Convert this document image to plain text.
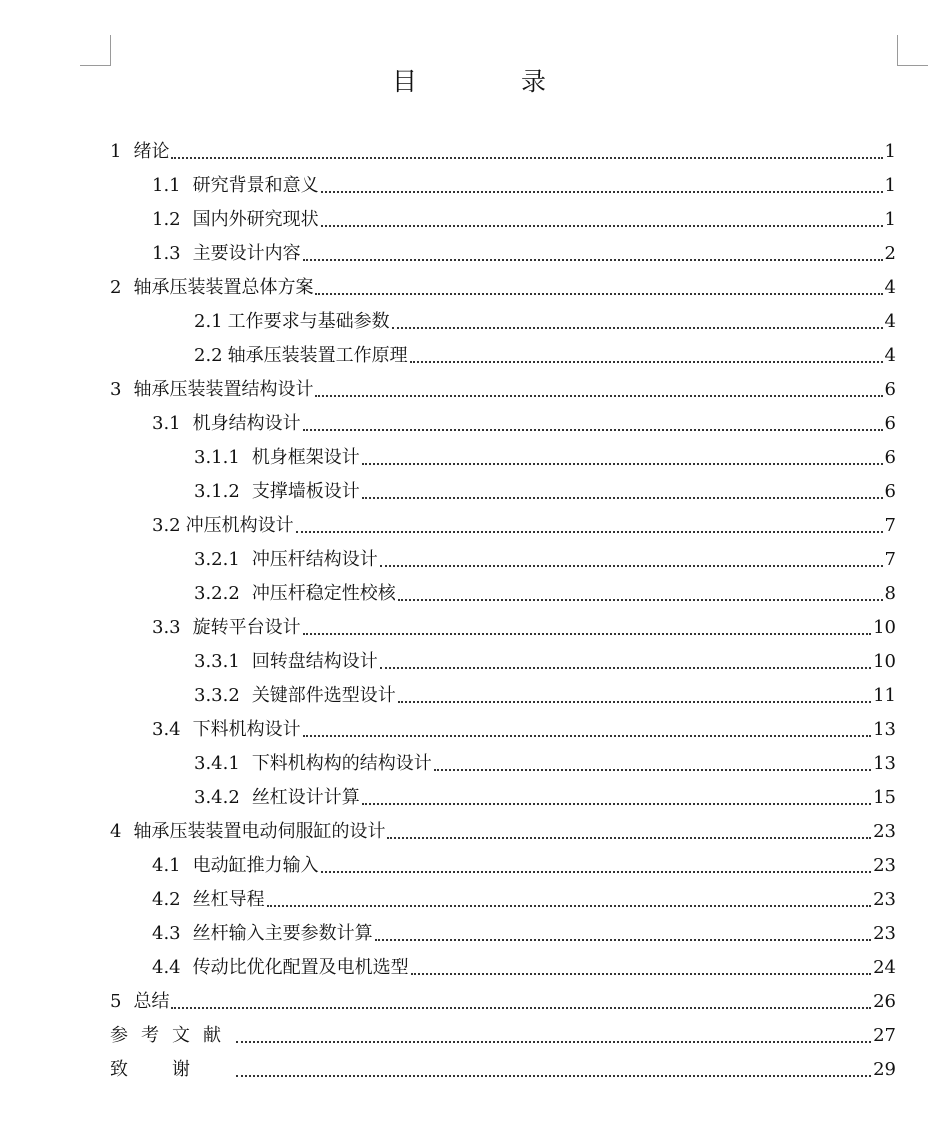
目 录
1 绪论	1
1.1 研究背景和意义	1
1.2 国内外研究现状	1
1.3 主要设计内容	2
2 轴承压装装置总体方案	4
2.1 工作要求与基础参数	4
2.2 轴承压装装置工作原理	4
3 轴承压装装置结构设计	6
3.1 机身结构设计	6
3.1.1 机身框架设计	6
3.1.2 支撑墙板设计	6
3.2 冲压机构设计	7
3.2.1 冲压杆结构设计	7
3.2.2 冲压杆稳定性校核	8
3.3 旋转平台设计	10
3.3.1 回转盘结构设计	10
3.3.2 关键部件选型设计	11
3.4 下料机构设计	13
3.4.1 下料机构构的结构设计	13
3.4.2 丝杠设计计算	15
4 轴承压装装置电动伺服缸的设计	23
4.1 电动缸推力输入	23
4.2 丝杠导程	23
4.3 丝杆输入主要参数计算	23
4.4 传动比优化配置及电机选型	24
5 总结	26
参考文献	27
致谢	29
